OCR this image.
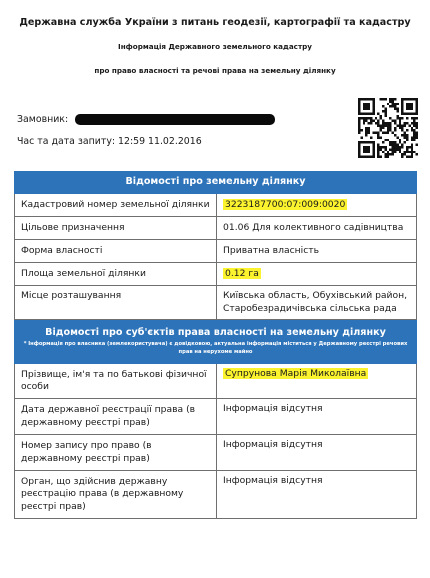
Державна служба України з питань геодезії, картографії та кадастру
Інформація Державного земельного кадастру
про право власності та речові права на земельну ділянку
Замовник:
Час та дата запиту: 12:59 11.02.2016
Відомості про земельну ділянку	
Кадастровий номер земельної ділянки	3223187700:07:009:0020
Цільове призначення	01.06 Для колективного садівництва
Форма власності	Приватна власність
Площа земельної ділянки	0.12 га
Місце розташування	Київська область, Обухівський район, Старобезрадичівська сільська рада

Відомості про суб'єктів права власності на земельну ділянку
* Інформація про власника (землекористувача) є довідковою, актуальна інформація міститься у Державному реєстрі речових прав на нерухоме майно	

Прізвище, ім'я та по батькові фізичної особи	Супрунова Марія Миколаївна
Дата державної реєстрації права (в державному реєстрі прав)	Інформація відсутня
Номер запису про право (в державному реєстрі прав)	Інформація відсутня
Орган, що здійснив державну реєстрацію права (в державному реєстрі прав)	Інформація відсутня
